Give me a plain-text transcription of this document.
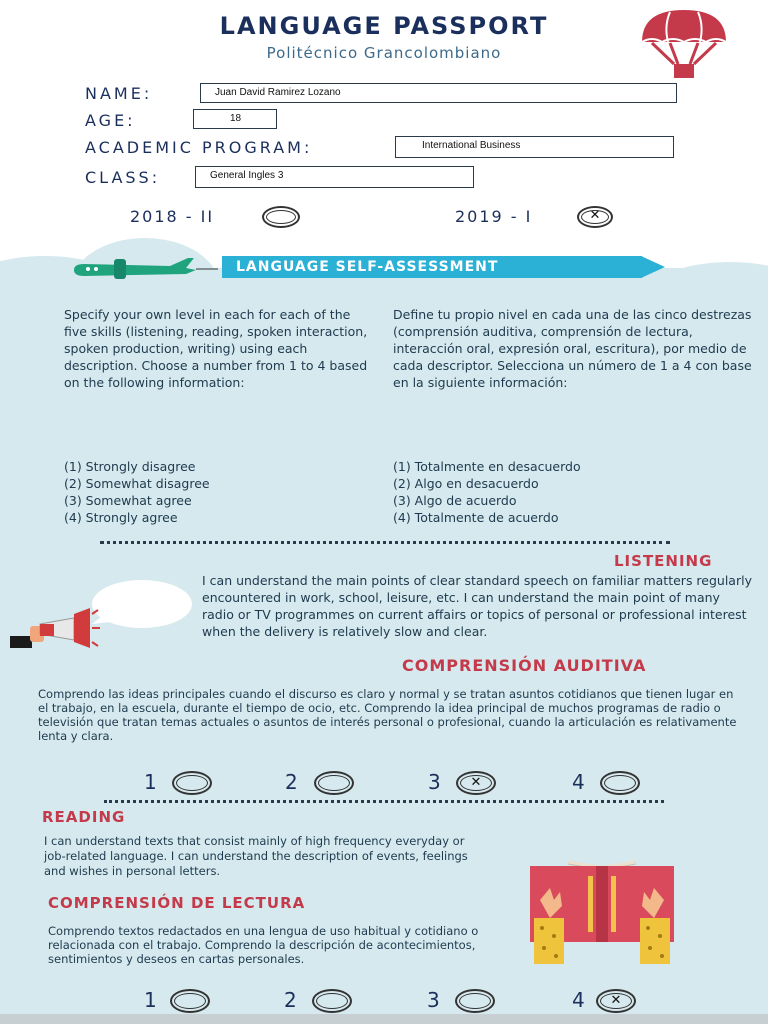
LANGUAGE PASSPORT
Politécnico Grancolombiano
NAME:	Juan David Ramirez Lozano
AGE:	18
ACADEMIC PROGRAM:	International Business
CLASS:	General Ingles 3
2018 - II	2019 - I	✕
LANGUAGE SELF-ASSESSMENT
Specify your own level in each for each of the five skills (listening, reading, spoken interaction, spoken production, writing) using each description. Choose a number from 1 to 4 based on the following information:
Define tu propio nivel en cada una de las cinco destrezas (comprensión auditiva, comprensión de lectura, interacción oral, expresión oral, escritura), por medio de cada descriptor. Selecciona un número de 1 a 4 con base en la siguiente información:
(1) Strongly disagree
(2) Somewhat disagree
(3) Somewhat agree
(4) Strongly agree
(1) Totalmente en desacuerdo
(2) Algo en desacuerdo
(3) Algo de acuerdo
(4) Totalmente de acuerdo
LISTENING
I can understand the main points of clear standard speech on familiar matters regularly encountered in work, school, leisure, etc. I can understand the main point of many radio or TV programmes on current affairs or topics of personal or professional interest when the delivery is relatively slow and clear.
COMPRENSIÓN AUDITIVA
Comprendo las ideas principales cuando el discurso es claro y normal y se tratan asuntos cotidianos que tienen lugar en el trabajo, en la escuela, durante el tiempo de ocio, etc. Comprendo la idea principal de muchos programas de radio o televisión que tratan temas actuales o asuntos de interés personal o profesional, cuando la articulación es relativamente lenta y clara.
1	2	3	✕	4
READING
I can understand texts that consist mainly of high frequency everyday or job-related language. I can understand the description of events, feelings and wishes in personal letters.
COMPRENSIÓN DE LECTURA
Comprendo textos redactados en una lengua de uso habitual y cotidiano o relacionada con el trabajo. Comprendo la descripción de acontecimientos, sentimientos y deseos en cartas personales.
1	2	3	4	✕
